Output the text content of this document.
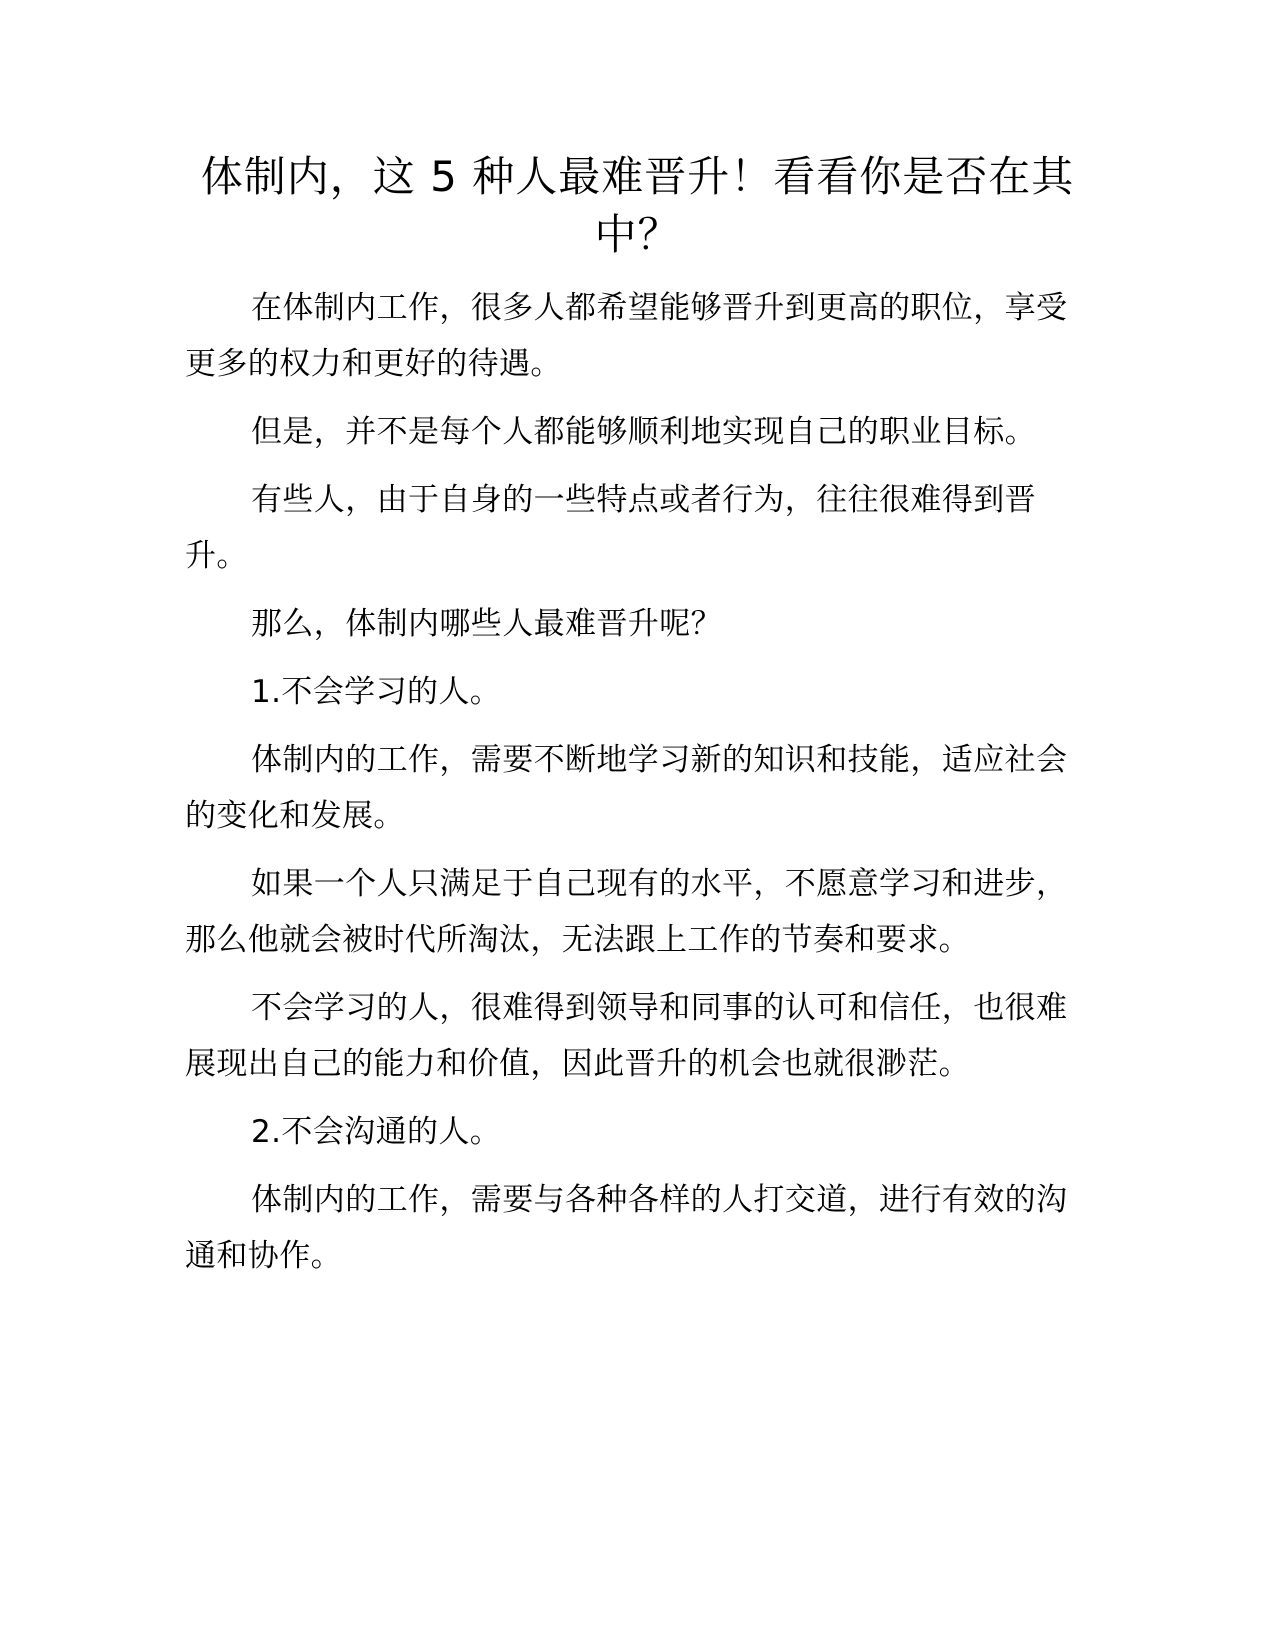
体制内，这 5 种人最难晋升！看看你是否在其中？

在体制内工作，很多人都希望能够晋升到更高的职位，享受更多的权力和更好的待遇。

但是，并不是每个人都能够顺利地实现自己的职业目标。

有些人，由于自身的一些特点或者行为，往往很难得到晋升。

那么，体制内哪些人最难晋升呢？

1.不会学习的人。

体制内的工作，需要不断地学习新的知识和技能，适应社会的变化和发展。

如果一个人只满足于自己现有的水平，不愿意学习和进步，那么他就会被时代所淘汰，无法跟上工作的节奏和要求。

不会学习的人，很难得到领导和同事的认可和信任，也很难展现出自己的能力和价值，因此晋升的机会也就很渺茫。

2.不会沟通的人。

体制内的工作，需要与各种各样的人打交道，进行有效的沟通和协作。
